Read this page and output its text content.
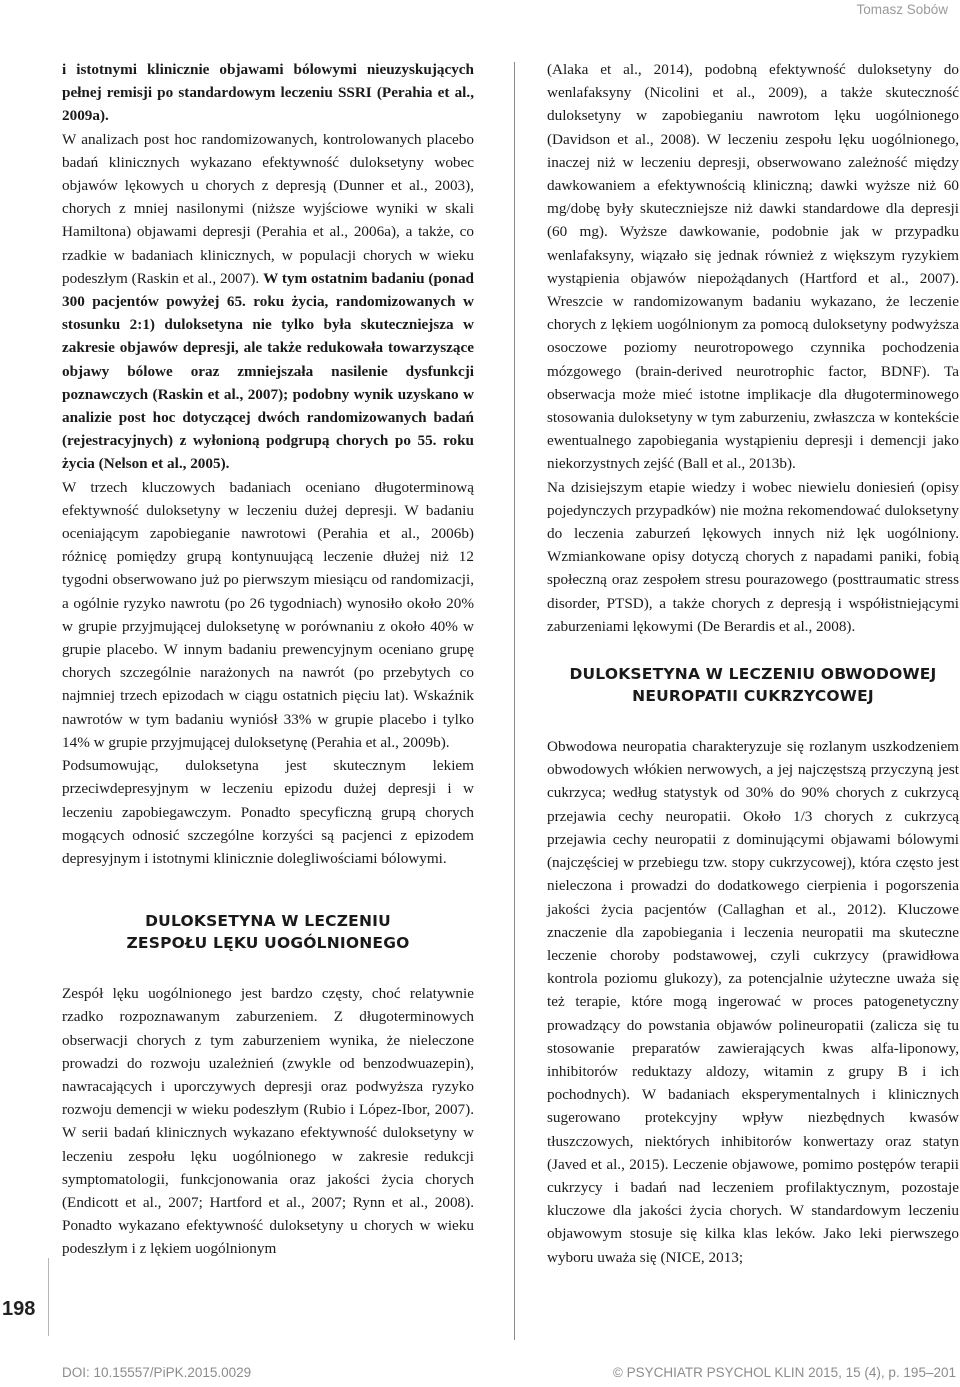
Tomasz Sobów
198

i istotnymi klinicznie objawami bólowymi nieuzyskujących pełnej remisji po standardowym leczeniu SSRI (Perahia et al., 2009a).

W analizach post hoc randomizowanych, kontrolowanych placebo badań klinicznych wykazano efektywność duloksetyny wobec objawów lękowych u chorych z depresją (Dunner et al., 2003), chorych z mniej nasilonymi (niższe wyjściowe wyniki w skali Hamiltona) objawami depresji (Perahia et al., 2006a), a także, co rzadkie w badaniach klinicznych, w populacji chorych w wieku podeszłym (Raskin et al., 2007). W tym ostatnim badaniu (ponad 300 pacjentów powyżej 65. roku życia, randomizowanych w stosunku 2:1) duloksetyna nie tylko była skuteczniejsza w zakresie objawów depresji, ale także redukowała towarzyszące objawy bólowe oraz zmniejszała nasilenie dysfunkcji poznawczych (Raskin et al., 2007); podobny wynik uzyskano w analizie post hoc dotyczącej dwóch randomizowanych badań (rejestracyjnych) z wyłonioną podgrupą chorych po 55. roku życia (Nelson et al., 2005).

W trzech kluczowych badaniach oceniano długoterminową efektywność duloksetyny w leczeniu dużej depresji. W badaniu oceniającym zapobieganie nawrotowi (Perahia et al., 2006b) różnicę pomiędzy grupą kontynuującą leczenie dłużej niż 12 tygodni obserwowano już po pierwszym miesiącu od randomizacji, a ogólnie ryzyko nawrotu (po 26 tygodniach) wynosiło około 20% w grupie przyjmującej duloksetynę w porównaniu z około 40% w grupie placebo. W innym badaniu prewencyjnym oceniano grupę chorych szczególnie narażonych na nawrót (po przebytych co najmniej trzech epizodach w ciągu ostatnich pięciu lat). Wskaźnik nawrotów w tym badaniu wyniósł 33% w grupie placebo i tylko 14% w grupie przyjmującej duloksetynę (Perahia et al., 2009b).

Podsumowując, duloksetyna jest skutecznym lekiem przeciwdepresyjnym w leczeniu epizodu dużej depresji i w leczeniu zapobiegawczym. Ponadto specyficzną grupą chorych mogących odnosić szczególne korzyści są pacjenci z epizodem depresyjnym i istotnymi klinicznie dolegliwościami bólowymi.

DULOKSETYNA W LECZENIU
ZESPOŁU LĘKU UOGÓLNIONEGO

Zespół lęku uogólnionego jest bardzo częsty, choć relatywnie rzadko rozpoznawanym zaburzeniem. Z długoterminowych obserwacji chorych z tym zaburzeniem wynika, że nieleczone prowadzi do rozwoju uzależnień (zwykle od benzodwuazepin), nawracających i uporczywych depresji oraz podwyższa ryzyko rozwoju demencji w wieku podeszłym (Rubio i López-Ibor, 2007). W serii badań klinicznych wykazano efektywność duloksetyny w leczeniu zespołu lęku uogólnionego w zakresie redukcji symptomatologii, funkcjonowania oraz jakości życia chorych (Endicott et al., 2007; Hartford et al., 2007; Rynn et al., 2008). Ponadto wykazano efektywność duloksetyny u chorych w wieku podeszłym i z lękiem uogólnionym

(Alaka et al., 2014), podobną efektywność duloksetyny do wenlafaksyny (Nicolini et al., 2009), a także skuteczność duloksetyny w zapobieganiu nawrotom lęku uogólnionego (Davidson et al., 2008). W leczeniu zespołu lęku uogólnionego, inaczej niż w leczeniu depresji, obserwowano zależność między dawkowaniem a efektywnością kliniczną; dawki wyższe niż 60 mg/dobę były skuteczniejsze niż dawki standardowe dla depresji (60 mg). Wyższe dawkowanie, podobnie jak w przypadku wenlafaksyny, wiązało się jednak również z większym ryzykiem wystąpienia objawów niepożądanych (Hartford et al., 2007). Wreszcie w randomizowanym badaniu wykazano, że leczenie chorych z lękiem uogólnionym za pomocą duloksetyny podwyższa osoczowe poziomy neurotropowego czynnika pochodzenia mózgowego (brain-derived neurotrophic factor, BDNF). Ta obserwacja może mieć istotne implikacje dla długoterminowego stosowania duloksetyny w tym zaburzeniu, zwłaszcza w kontekście ewentualnego zapobiegania wystąpieniu depresji i demencji jako niekorzystnych zejść (Ball et al., 2013b).

Na dzisiejszym etapie wiedzy i wobec niewielu doniesień (opisy pojedynczych przypadków) nie można rekomendować duloksetyny do leczenia zaburzeń lękowych innych niż lęk uogólniony. Wzmiankowane opisy dotyczą chorych z napadami paniki, fobią społeczną oraz zespołem stresu pourazowego (posttraumatic stress disorder, PTSD), a także chorych z depresją i współistniejącymi zaburzeniami lękowymi (De Berardis et al., 2008).

DULOKSETYNA W LECZENIU OBWODOWEJ
NEUROPATII CUKRZYCOWEJ

Obwodowa neuropatia charakteryzuje się rozlanym uszkodzeniem obwodowych włókien nerwowych, a jej najczęstszą przyczyną jest cukrzyca; według statystyk od 30% do 90% chorych z cukrzycą przejawia cechy neuropatii. Około 1/3 chorych z cukrzycą przejawia cechy neuropatii z dominującymi objawami bólowymi (najczęściej w przebiegu tzw. stopy cukrzycowej), która często jest nieleczona i prowadzi do dodatkowego cierpienia i pogorszenia jakości życia pacjentów (Callaghan et al., 2012). Kluczowe znaczenie dla zapobiegania i leczenia neuropatii ma skuteczne leczenie choroby podstawowej, czyli cukrzycy (prawidłowa kontrola poziomu glukozy), za potencjalnie użyteczne uważa się też terapie, które mogą ingerować w proces patogenetyczny prowadzący do powstania objawów polineuropatii (zalicza się tu stosowanie preparatów zawierających kwas alfa-liponowy, inhibitorów reduktazy aldozy, witamin z grupy B i ich pochodnych). W badaniach eksperymentalnych i klinicznych sugerowano protekcyjny wpływ niezbędnych kwasów tłuszczowych, niektórych inhibitorów konwertazy oraz statyn (Javed et al., 2015). Leczenie objawowe, pomimo postępów terapii cukrzycy i badań nad leczeniem profilaktycznym, pozostaje kluczowe dla jakości życia chorych. W standardowym leczeniu objawowym stosuje się kilka klas leków. Jako leki pierwszego wyboru uważa się (NICE, 2013;

DOI: 10.15557/PiPK.2015.0029	© PSYCHIATR PSYCHOL KLIN 2015, 15 (4), p. 195–201
